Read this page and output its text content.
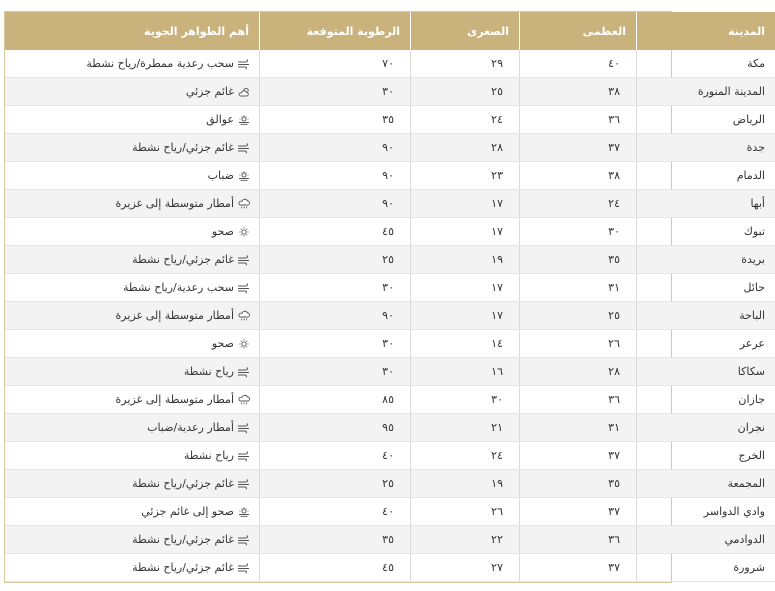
المدينة	العظمى	الصغرى	الرطوبة المتوقعة	أهم الظواهر الجوية
مكة	٤٠	٢٩	٧٠	سحب رعدية ممطرة/رياح نشطة
المدينة المنورة	٣٨	٢٥	٣٠	غائم جزئي
الرياض	٣٦	٢٤	٣٥	عوالق
جدة	٣٧	٢٨	٩٠	غائم جزئي/رياح نشطة
الدمام	٣٨	٢٣	٩٠	ضباب
أبها	٢٤	١٧	٩٠	أمطار متوسطة إلى غزيرة
تبوك	٣٠	١٧	٤٥	صحو
بريدة	٣٥	١٩	٢٥	غائم جزئي/رياح نشطة
حائل	٣١	١٧	٣٠	سحب رعدية/رياح نشطة
الباحة	٢٥	١٧	٩٠	أمطار متوسطة إلى غزيرة
عرعر	٢٦	١٤	٣٠	صحو
سكاكا	٢٨	١٦	٣٠	رياح نشطة
جازان	٣٦	٣٠	٨٥	أمطار متوسطة إلى غزيرة
نجران	٣١	٢١	٩٥	أمطار رعدية/ضباب
الخرج	٣٧	٢٤	٤٠	رياح نشطة
المجمعة	٣٥	١٩	٢٥	غائم جزئي/رياح نشطة
وادي الدواسر	٣٧	٢٦	٤٠	صحو إلى غائم جزئي
الدوادمي	٣٦	٢٢	٣٥	غائم جزئي/رياح نشطة
شرورة	٣٧	٢٧	٤٥	غائم جزئي/رياح نشطة
